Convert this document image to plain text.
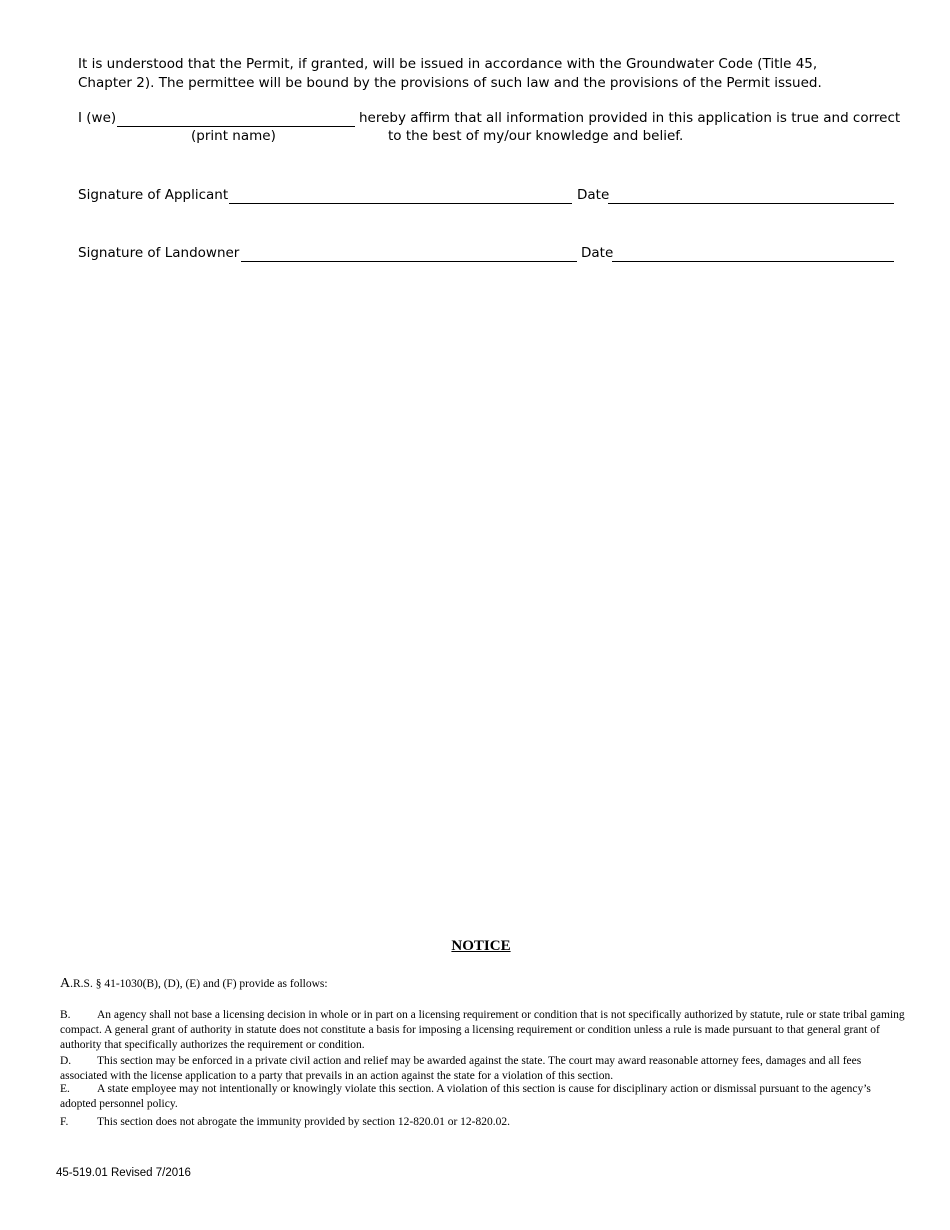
It is understood that the Permit, if granted, will be issued in accordance with the Groundwater Code (Title 45,
Chapter 2). The permittee will be bound by the provisions of such law and the provisions of the Permit issued.
I (we)	hereby affirm that all information provided in this application is true and correct
(print name)	to the best of my/our knowledge and belief.
Signature of Applicant	Date
Signature of Landowner	Date
NOTICE
A.R.S. § 41-1030(B), (D), (E) and (F) provide as follows:
B. An agency shall not base a licensing decision in whole or in part on a licensing requirement or condition that is not specifically authorized by statute, rule or state tribal gaming compact. A general grant of authority in statute does not constitute a basis for imposing a licensing requirement or condition unless a rule is made pursuant to that general grant of authority that specifically authorizes the requirement or condition.
D. This section may be enforced in a private civil action and relief may be awarded against the state. The court may award reasonable attorney fees, damages and all fees associated with the license application to a party that prevails in an action against the state for a violation of this section.
E. A state employee may not intentionally or knowingly violate this section. A violation of this section is cause for disciplinary action or dismissal pursuant to the agency’s adopted personnel policy.
F. This section does not abrogate the immunity provided by section 12-820.01 or 12-820.02.
45-519.01 Revised 7/2016
